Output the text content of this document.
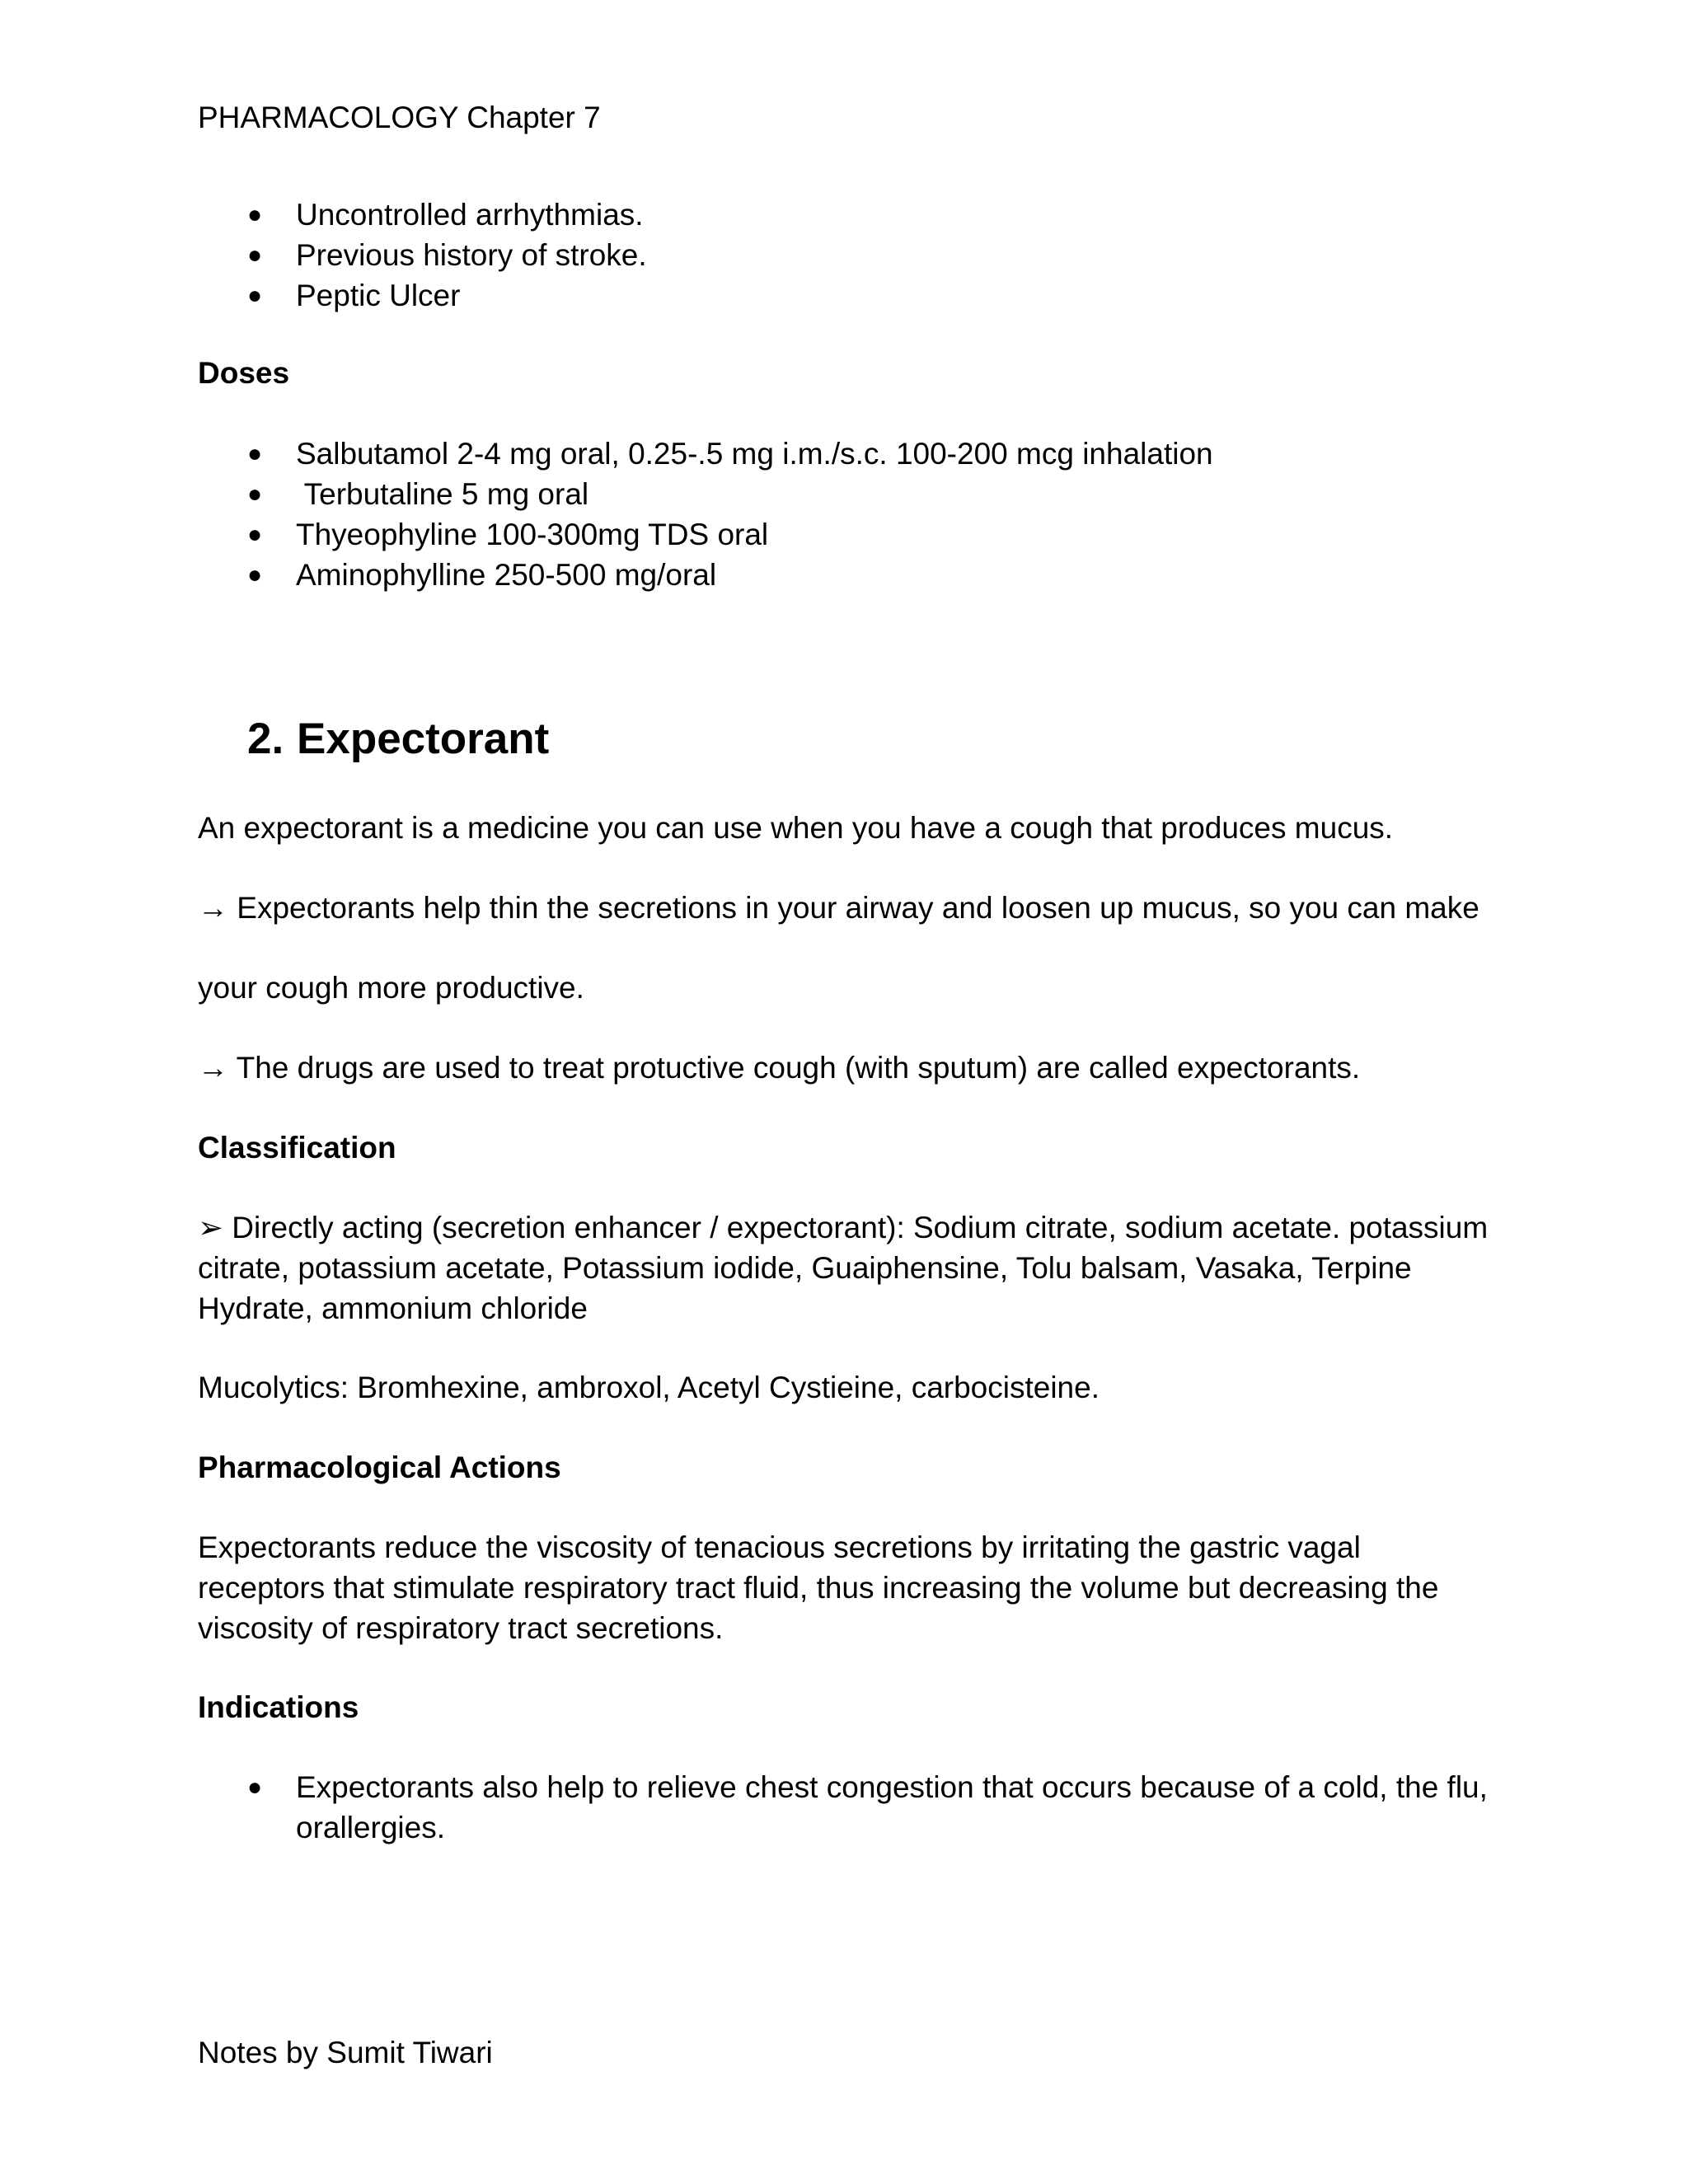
PHARMACOLOGY Chapter 7

● Uncontrolled arrhythmias.
● Previous history of stroke.
● Peptic Ulcer

Doses

● Salbutamol 2-4 mg oral, 0.25-.5 mg i.m./s.c. 100-200 mcg inhalation
● Terbutaline 5 mg oral
● Thyeophyline 100-300mg TDS oral
● Aminophylline 250-500 mg/oral
2. Expectorant

An expectorant is a medicine you can use when you have a cough that produces mucus.

→ Expectorants help thin the secretions in your airway and loosen up mucus, so you can make

your cough more productive.

→ The drugs are used to treat protuctive cough (with sputum) are called expectorants.

Classification

➢ Directly acting (secretion enhancer / expectorant): Sodium citrate, sodium acetate. potassium
citrate, potassium acetate, Potassium iodide, Guaiphensine, Tolu balsam, Vasaka, Terpine
Hydrate, ammonium chloride

Mucolytics: Bromhexine, ambroxol, Acetyl Cystieine, carbocisteine.

Pharmacological Actions

Expectorants reduce the viscosity of tenacious secretions by irritating the gastric vagal
receptors that stimulate respiratory tract fluid, thus increasing the volume but decreasing the
viscosity of respiratory tract secretions.

Indications

● Expectorants also help to relieve chest congestion that occurs because of a cold, the flu,
orallergies.

Notes by Sumit Tiwari
